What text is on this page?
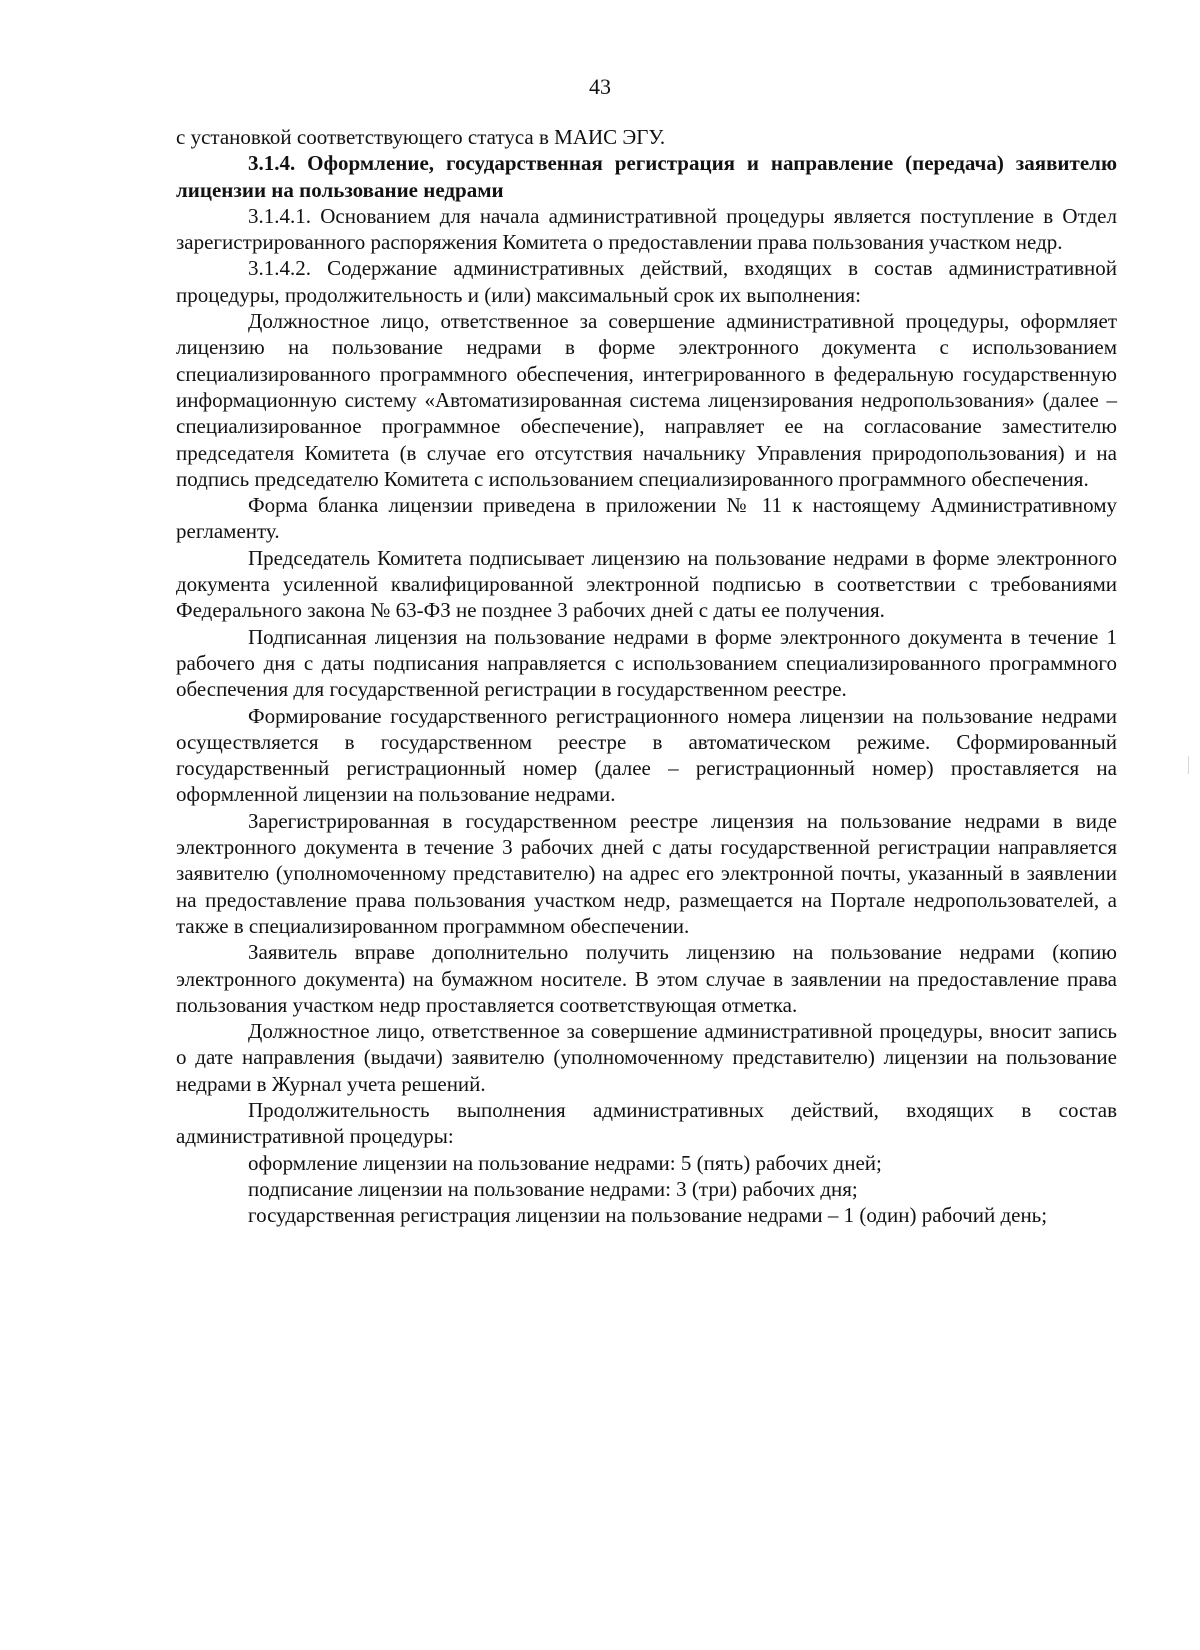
43

с установкой соответствующего статуса в МАИС ЭГУ.

3.1.4. Оформление, государственная регистрация и направление (передача) заявителю лицензии на пользование недрами

3.1.4.1. Основанием для начала административной процедуры является поступление в Отдел зарегистрированного распоряжения Комитета о предоставлении права пользования участком недр.

3.1.4.2. Содержание административных действий, входящих в состав административной процедуры, продолжительность и (или) максимальный срок их выполнения:

Должностное лицо, ответственное за совершение административной процедуры, оформляет лицензию на пользование недрами в форме электронного документа с использованием специализированного программного обеспечения, интегрированного в федеральную государственную информационную систему «Автоматизированная система лицензирования недропользования» (далее – специализированное программное обеспечение), направляет ее на согласование заместителю председателя Комитета (в случае его отсутствия начальнику Управления природопользования) и на подпись председателю Комитета с использованием специализированного программного обеспечения.

Форма бланка лицензии приведена в приложении № 11 к настоящему Административному регламенту.

Председатель Комитета подписывает лицензию на пользование недрами в форме электронного документа усиленной квалифицированной электронной подписью в соответствии с требованиями Федерального закона № 63-ФЗ не позднее 3 рабочих дней с даты ее получения.

Подписанная лицензия на пользование недрами в форме электронного документа в течение 1 рабочего дня с даты подписания направляется с использованием специализированного программного обеспечения для государственной регистрации в государственном реестре.

Формирование государственного регистрационного номера лицензии на пользование недрами осуществляется в государственном реестре в автоматическом режиме. Сформированный государственный регистрационный номер (далее – регистрационный номер) проставляется на оформленной лицензии на пользование недрами.

Зарегистрированная в государственном реестре лицензия на пользование недрами в виде электронного документа в течение 3 рабочих дней с даты государственной регистрации направляется заявителю (уполномоченному представителю) на адрес его электронной почты, указанный в заявлении на предоставление права пользования участком недр, размещается на Портале недропользователей, а также в специализированном программном обеспечении.

Заявитель вправе дополнительно получить лицензию на пользование недрами (копию электронного документа) на бумажном носителе. В этом случае в заявлении на предоставление права пользования участком недр проставляется соответствующая отметка.

Должностное лицо, ответственное за совершение административной процедуры, вносит запись о дате направления (выдачи) заявителю (уполномоченному представителю) лицензии на пользование недрами в Журнал учета решений.

Продолжительность выполнения административных действий, входящих в состав административной процедуры:

оформление лицензии на пользование недрами: 5 (пять) рабочих дней;

подписание лицензии на пользование недрами: 3 (три) рабочих дня;

государственная регистрация лицензии на пользование недрами – 1 (один) рабочий день;
